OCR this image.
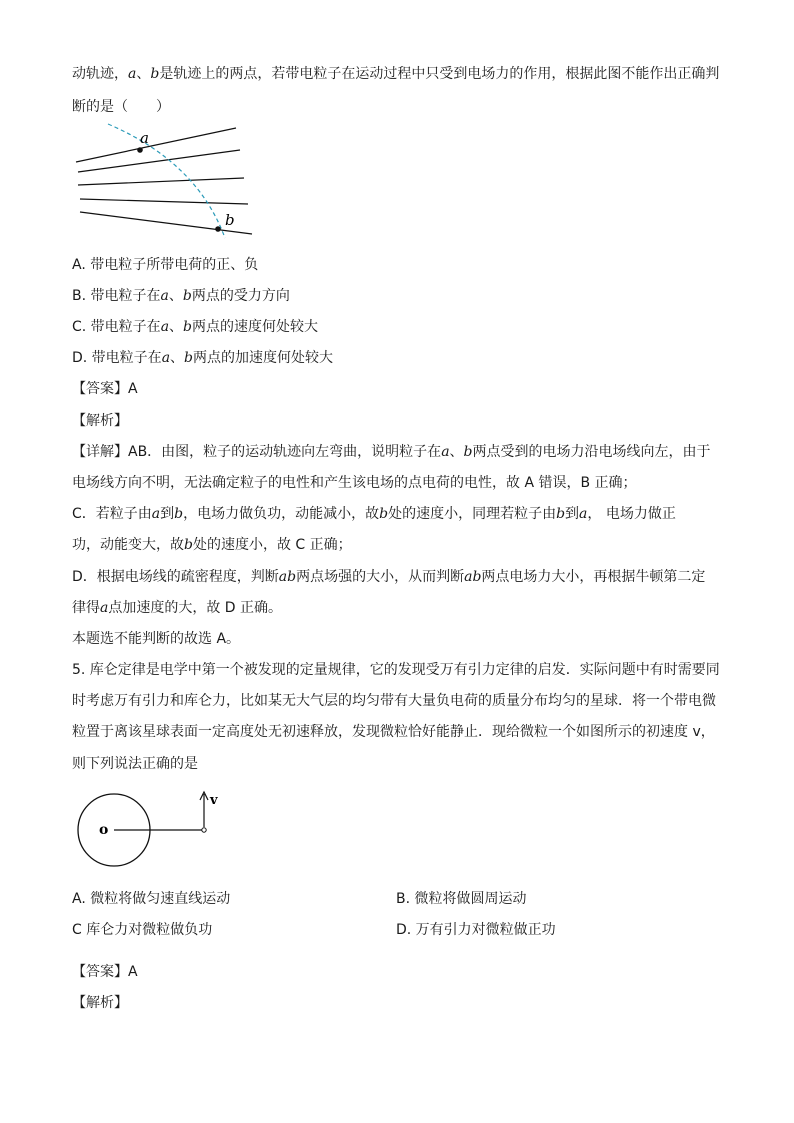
动轨迹，a、b是轨迹上的两点，若带电粒子在运动过程中只受到电场力的作用，根据此图不能作出正确判
断的是（　　）
a
b
A. 带电粒子所带电荷的正、负
B. 带电粒子在a、b两点的受力方向
C. 带电粒子在a、b两点的速度何处较大
D. 带电粒子在a、b两点的加速度何处较大
【答案】A
【解析】
【详解】AB．由图，粒子的运动轨迹向左弯曲，说明粒子在a、b两点受到的电场力沿电场线向左，由于
电场线方向不明，无法确定粒子的电性和产生该电场的点电荷的电性，故 A 错误，B 正确；
C．若粒子由a到b，电场力做负功，动能减小，故b处的速度小，同理若粒子由b到a， 电场力做正
功，动能变大，故b处的速度小，故 C 正确；
D．根据电场线的疏密程度，判断ab两点场强的大小，从而判断ab两点电场力大小，再根据牛顿第二定
律得a点加速度的大，故 D 正确。
本题选不能判断的故选 A。
5. 库仑定律是电学中第一个被发现的定量规律，它的发现受万有引力定律的启发．实际问题中有时需要同
时考虑万有引力和库仑力，比如某无大气层的均匀带有大量负电荷的质量分布均匀的星球．将一个带电微
粒置于离该星球表面一定高度处无初速释放，发现微粒恰好能静止．现给微粒一个如图所示的初速度 v，
则下列说法正确的是
o
v
A. 微粒将做匀速直线运动	B. 微粒将做圆周运动
C 库仑力对微粒做负功	D. 万有引力对微粒做正功
【答案】A
【解析】
